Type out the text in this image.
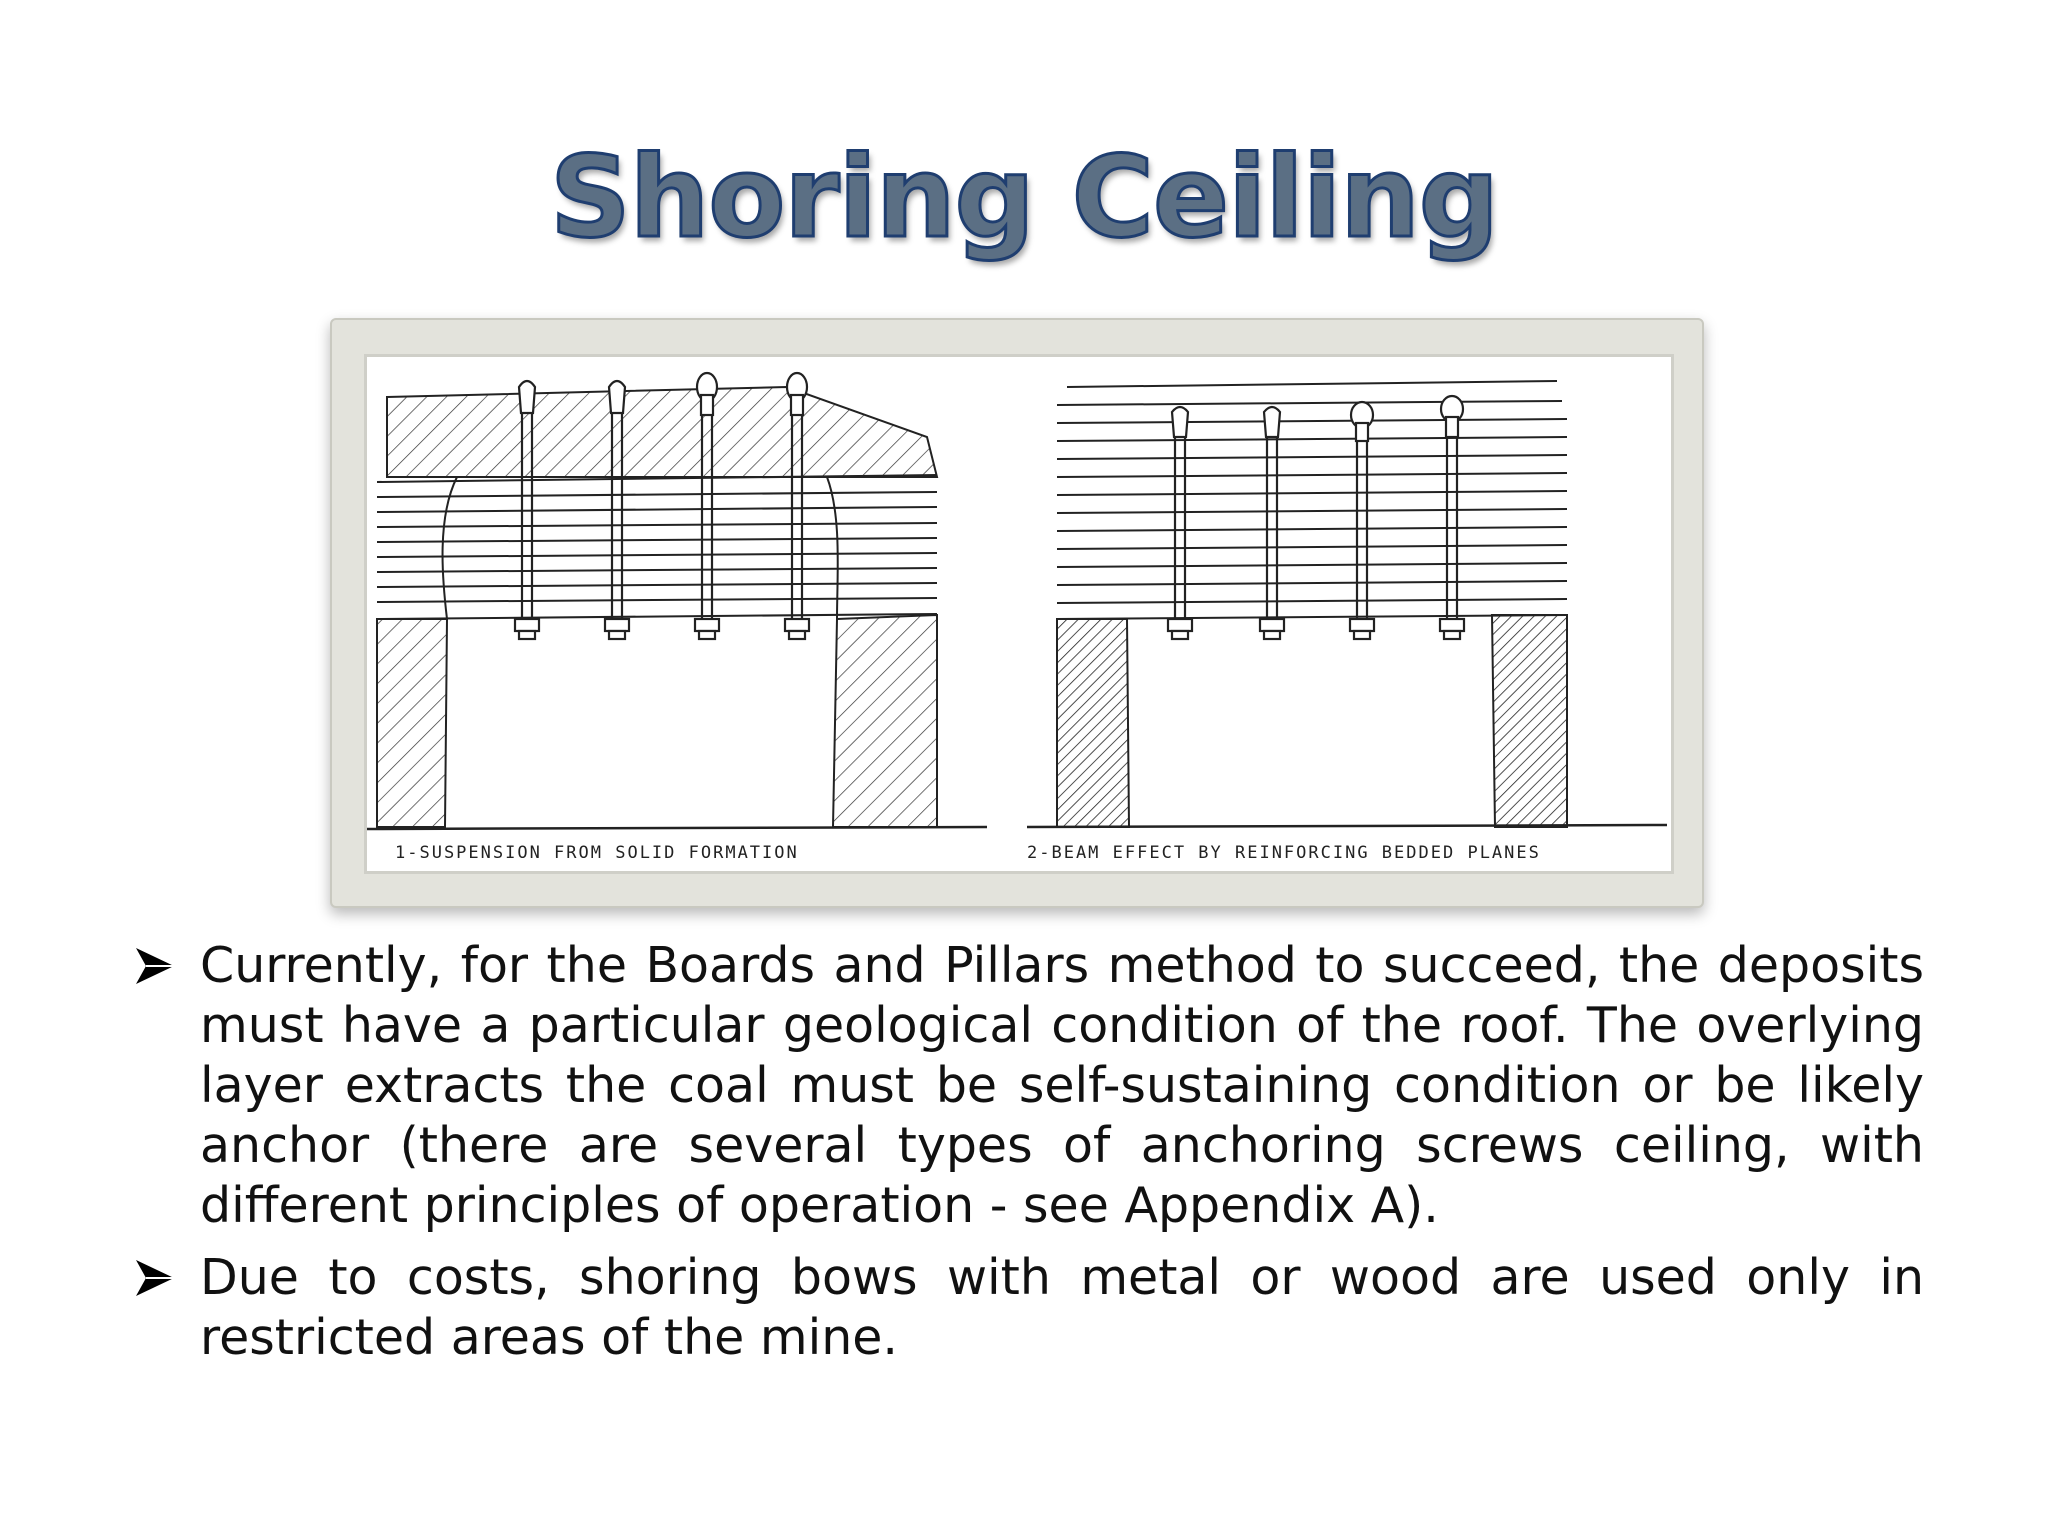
Shoring Ceiling
1-SUSPENSION FROM SOLID FORMATION	2-BEAM EFFECT BY REINFORCING BEDDED PLANES
Currently, for the Boards and Pillars method to succeed, the deposits must have a particular geological condition of the roof. The overlying layer extracts the coal must be self-sustaining condition or be likely anchor (there are several types of anchoring screws ceiling, with different principles of operation - see Appendix A).
Due to costs, shoring bows with metal or wood are used only in restricted areas of the mine.
